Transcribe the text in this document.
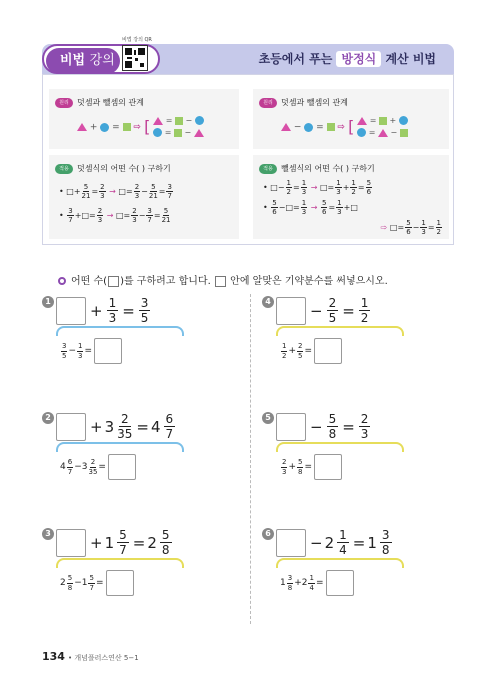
비법 강의
비법 강의 QR
초등에서 푸는 방정식 계산 비법
원리 덧셈과 뺄셈의 관계
+  =  ⇨ [  =  −
=  −
원리 덧셈과 뺄셈의 관계
−  =  ⇨ [  =  +
=  −
적용 덧셈식의 어떤 수( ) 구하기
• □+ $\frac{5}{21} = \frac{2}{3}$ → □= $\frac{2}{3} - \frac{5}{21} = \frac{3}{7}$
• $\frac{3}{7}$ +□= $\frac{2}{3}$ → □= $\frac{2}{3} - \frac{3}{7} = \frac{5}{21}$
적용 뺄셈식의 어떤 수( ) 구하기
• □− $\frac{1}{2} = \frac{1}{3}$ → □= $\frac{1}{3} + \frac{1}{2} = \frac{5}{6}$
• $\frac{5}{6}$ −□= $\frac{1}{3} \to \frac{5}{6} = \frac{1}{3}$ +□
⇨ □= $\frac{5}{6} - \frac{1}{3} = \frac{1}{2}$
어떤 수( )를 구하려고 합니다. 안에 알맞은 기약분수를 써넣으시오.
1	+ $\frac{1}{3} = \frac{3}{5}$
3
$5 - \frac{1}{3}$ =
2	+ $3 \frac{2}{35} = 4$ 6
7
4
6
$7 - 3 \frac{2}{35}$ =
3	+ $1 \frac{5}{7} = 2$ 5
8
2
5
$8 - 1 \frac{5}{7}$ =
4	− $\frac{2}{5} = \frac{1}{2}$
1
$2 + \frac{2}{5}$ =
5	− $\frac{5}{8} = \frac{2}{3}$
2
$3 + \frac{5}{8}$ =
6	− $2 \frac{1}{4} = 1$ 3
8
1
3
$8 + 2 \frac{1}{4}$ =
134 • 개념플러스연산 5−1
